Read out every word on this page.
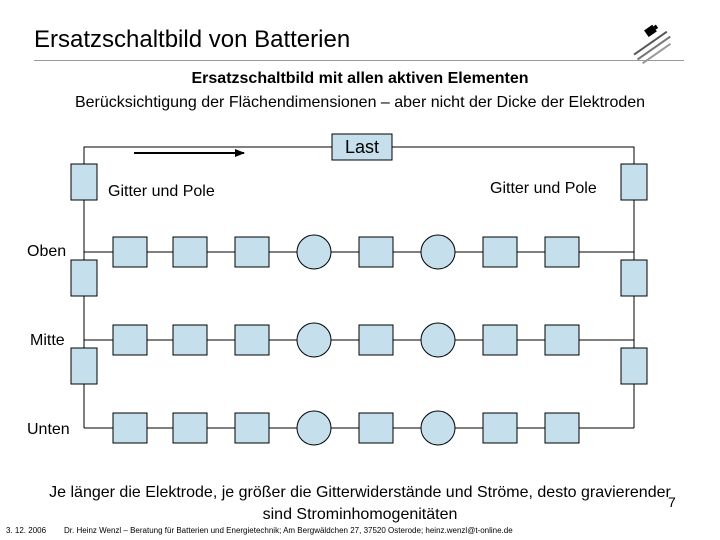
Ersatzschaltbild von Batterien
Ersatzschaltbild mit allen aktiven Elementen
Berücksichtigung der Flächendimensionen – aber nicht der Dicke der Elektroden
Last
Gitter und Pole	Gitter und Pole
Oben
Mitte
Unten
Je länger die Elektrode, je größer die Gitterwiderstände und Ströme, desto gravierender sind Strominhomogenitäten
7
3. 12. 2006 Dr. Heinz Wenzl – Beratung für Batterien und Energietechnik; Am Bergwäldchen 27, 37520 Osterode; heinz.wenzl@t-online.de
